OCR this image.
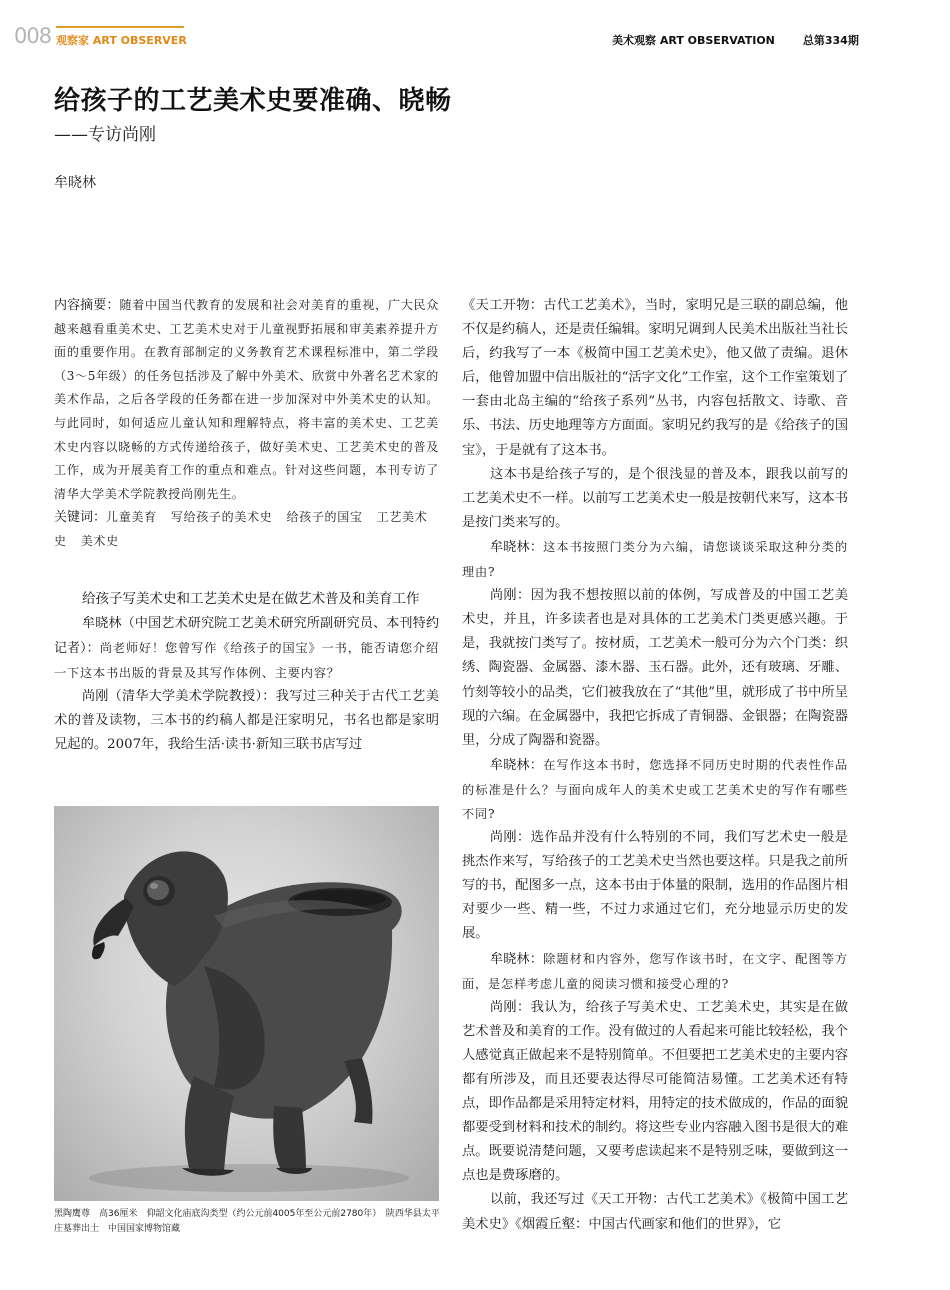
008 观察家 ART OBSERVER	美术观察 ART OBSERVATION	总第334期
给孩子的工艺美术史要准确、晓畅
——专访尚刚
牟晓林

内容摘要：随着中国当代教育的发展和社会对美育的重视，广大民众越来越看重美术史、工艺美术史对于儿童视野拓展和审美素养提升方面的重要作用。在教育部制定的义务教育艺术课程标准中，第二学段（3～5年级）的任务包括涉及了解中外美术、欣赏中外著名艺术家的美术作品，之后各学段的任务都在进一步加深对中外美术史的认知。与此同时，如何适应儿童认知和理解特点，将丰富的美术史、工艺美术史内容以晓畅的方式传递给孩子，做好美术史、工艺美术史的普及工作，成为开展美育工作的重点和难点。针对这些问题，本刊专访了清华大学美术学院教授尚刚先生。

关键词：儿童美育 写给孩子的美术史 给孩子的国宝 工艺美术史 美术史

给孩子写美术史和工艺美术史是在做艺术普及和美育工作

牟晓林（中国艺术研究院工艺美术研究所副研究员、本刊特约记者）：尚老师好！您曾写作《给孩子的国宝》一书，能否请您介绍一下这本书出版的背景及其写作体例、主要内容？

尚刚（清华大学美术学院教授）：我写过三种关于古代工艺美术的普及读物，三本书的约稿人都是汪家明兄，书名也都是家明兄起的。2007年，我给生活·读书·新知三联书店写过

黑陶鹰尊　高36厘米　仰韶文化庙底沟类型（约公元前4005年至公元前2780年）　陕西华县太平庄墓葬出土　中国国家博物馆藏

《天工开物：古代工艺美术》，当时，家明兄是三联的副总编，他不仅是约稿人，还是责任编辑。家明兄调到人民美术出版社当社长后，约我写了一本《极简中国工艺美术史》，他又做了责编。退休后，他曾加盟中信出版社的“活字文化”工作室，这个工作室策划了一套由北岛主编的“给孩子系列”丛书，内容包括散文、诗歌、音乐、书法、历史地理等方方面面。家明兄约我写的是《给孩子的国宝》，于是就有了这本书。

这本书是给孩子写的，是个很浅显的普及本，跟我以前写的工艺美术史不一样。以前写工艺美术史一般是按朝代来写，这本书是按门类来写的。

牟晓林：这本书按照门类分为六编，请您谈谈采取这种分类的理由?

尚刚：因为我不想按照以前的体例，写成普及的中国工艺美术史，并且，许多读者也是对具体的工艺美术门类更感兴趣。于是，我就按门类写了。按材质，工艺美术一般可分为六个门类：织绣、陶瓷器、金属器、漆木器、玉石器。此外，还有玻璃、牙雕、竹刻等较小的品类，它们被我放在了“其他”里，就形成了书中所呈现的六编。在金属器中，我把它拆成了青铜器、金银器；在陶瓷器里，分成了陶器和瓷器。

牟晓林：在写作这本书时，您选择不同历史时期的代表性作品的标准是什么？与面向成年人的美术史或工艺美术史的写作有哪些不同?

尚刚：选作品并没有什么特别的不同，我们写艺术史一般是挑杰作来写，写给孩子的工艺美术史当然也要这样。只是我之前所写的书，配图多一点，这本书由于体量的限制，选用的作品图片相对要少一些、精一些，不过力求通过它们，充分地显示历史的发展。

牟晓林：除题材和内容外，您写作该书时，在文字、配图等方面，是怎样考虑儿童的阅读习惯和接受心理的?

尚刚：我认为，给孩子写美术史、工艺美术史，其实是在做艺术普及和美育的工作。没有做过的人看起来可能比较轻松，我个人感觉真正做起来不是特别简单。不但要把工艺美术史的主要内容都有所涉及，而且还要表达得尽可能简洁易懂。工艺美术还有特点，即作品都是采用特定材料，用特定的技术做成的，作品的面貌都要受到材料和技术的制约。将这些专业内容融入图书是很大的难点。既要说清楚问题，又要考虑读起来不是特别乏味，要做到这一点也是费琢磨的。

以前，我还写过《天工开物：古代工艺美术》《极简中国工艺美术史》《烟霞丘壑：中国古代画家和他们的世界》，它
